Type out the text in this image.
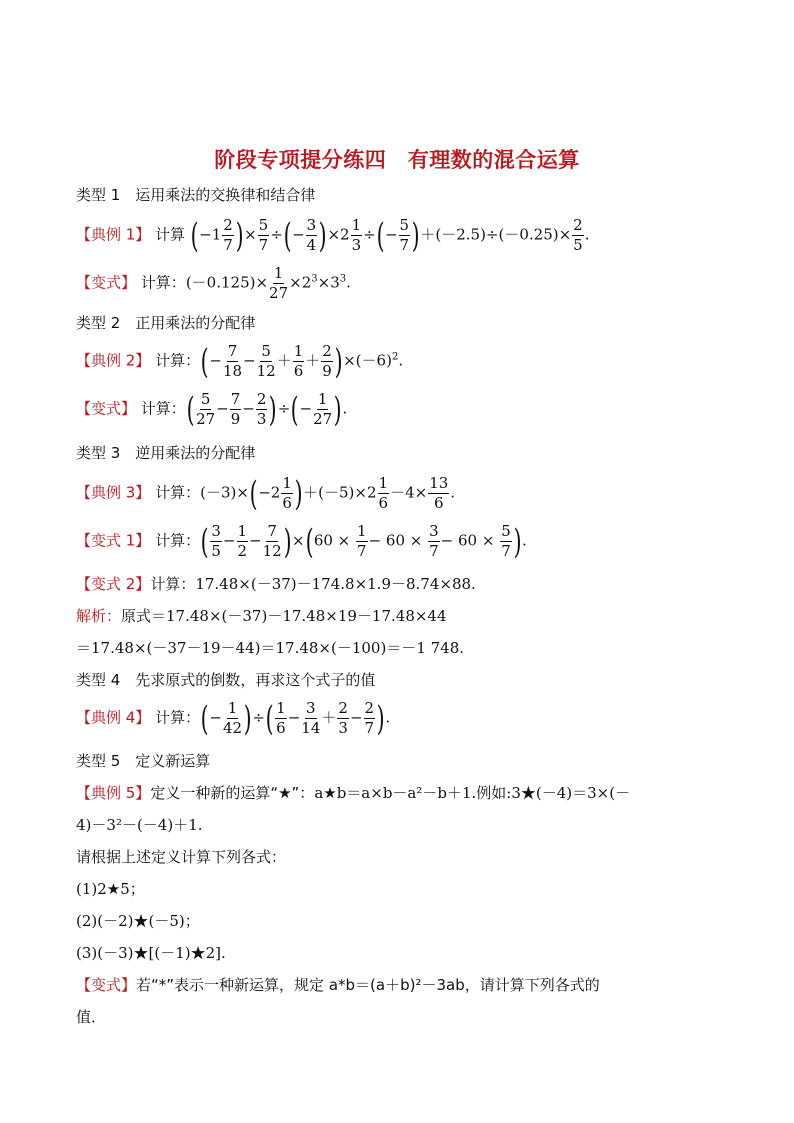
阶段专项提分练四　有理数的混合运算
类型 1　运用乘法的交换律和结合律
【典例 1】 计算 ($-1 \frac{2}{7}$ )× $\frac{5}{7}$ ÷(− $\frac{3}{4} )\times 2 \frac{1}{3}$ ÷(− $\frac{5}{7} )+(-2.5)\div(-0.25)\times \frac{2}{5}$ .
【变式】 计算：$(-0.125)\times \frac{1}{27} \times 2^3\times 3^3$.
类型 2　正用乘法的分配律
【典例 2】 计算：(− $\frac{7}{18} - \frac{5}{12} + \frac{1}{6} + \frac{2}{9} )\times(-6)^2$.
【变式】 计算：( $\frac{5}{27} - \frac{7}{9} - \frac{2}{3}$ )÷(− $\frac{1}{27}$ ).
类型 3　逆用乘法的分配律
【典例 3】 计算：$(-3)\times(-2 \frac{1}{6} )+(-5)\times 2 \frac{1}{6} -4\times \frac{13}{6}$ .
【变式 1】 计算：( $\frac{3}{5} - \frac{1}{2} - \frac{7}{12} )\times(60 \times \frac{1}{7} - 60 \times \frac{3}{7} - 60 \times \frac{5}{7}$ ).
【变式 2】计算：17.48×(－37)－174.8×1.9－8.74×88.
解析：原式＝17.48×(－37)－17.48×19－17.48×44
＝17.48×(－37－19－44)＝17.48×(－100)＝－1 748.
类型 4　先求原式的倒数，再求这个式子的值
【典例 4】 计算：(− $\frac{1}{42}$ )÷( $\frac{1}{6} - \frac{3}{14} + \frac{2}{3} - \frac{2}{7}$ ).
类型 5　定义新运算
【典例 5】定义一种新的运算“★”：a★b＝a×b－a²－b＋1.例如:3★(－4)＝3×(－
4)－3²－(－4)＋1.
请根据上述定义计算下列各式：
(1)2★5；
(2)(－2)★(－5)；
(3)(－3)★[(－1)★2].
【变式】若“*”表示一种新运算，规定 a*b＝(a＋b)²－3ab，请计算下列各式的
值．
